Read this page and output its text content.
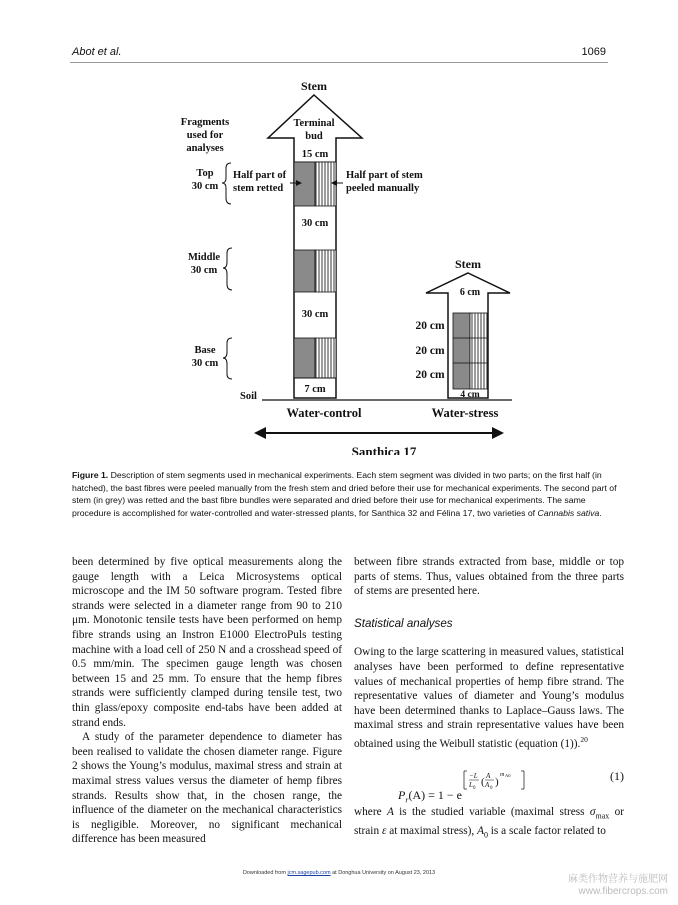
Abot et al.	1069
Stem
Terminal
bud
15 cm
30 cm
30 cm
7 cm
Fragments
used for
analyses
Top
30 cm
Middle
30 cm
Base
30 cm
Half part of
stem retted
Half part of stem
peeled manually
Soil
Stem
6 cm
20 cm
20 cm
20 cm
4 cm
Water-control	Water-stress
Santhica 17
Figure 1. Description of stem segments used in mechanical experiments. Each stem segment was divided in two parts; on the first half (in hatched), the bast fibres were peeled manually from the fresh stem and dried before their use for mechanical experiments. The second part of stem (in grey) was retted and the bast fibre bundles were separated and dried before their use for mechanical experiments. The same procedure is accomplished for water-controlled and water-stressed plants, for Santhica 32 and Félina 17, two varieties of Cannabis sativa.

been determined by five optical measurements along the gauge length with a Leica Microsystems optical microscope and the IM 50 software program. Tested fibre strands were selected in a diameter range from 90 to 210 μm. Monotonic tensile tests have been performed on hemp fibre strands using an Instron E1000 ElectroPuls testing machine with a load cell of 250 N and a crosshead speed of 0.5 mm/min. The specimen gauge length was chosen between 15 and 25 mm. To ensure that the hemp fibres strands were sufficiently clamped during tensile test, two thin glass/epoxy composite end-tabs have been added at strand ends.

A study of the parameter dependence to diameter has been realised to validate the chosen diameter range. Figure 2 shows the Young’s modulus, maximal stress and strain at maximal stress values versus the diameter of hemp fibres strands. Results show that, in the chosen range, the influence of the diameter on the mechanical characteristics is negligible. Moreover, no significant mechanical difference has been measured

between fibre strands extracted from base, middle or top parts of stems. Thus, values obtained from the three parts of stems are presented here.

Statistical analyses

Owing to the large scattering in measured values, statistical analyses have been performed to define representative values of mechanical properties of hemp fibre strand. The representative values of diameter and Young’s modulus have been determined thanks to Laplace–Gauss laws. The maximal stress and strain representative values have been obtained using the Weibull statistic (equation (1)).$^{20}$

$P_r(A) = 1 - e$
−L
L 0
( A
A 0
)
m A0	(1)

where A is the studied variable (maximal stress $\sigma_{max}$ or strain ε at maximal stress), $A_0$ is a scale factor related to

Downloaded from jcm.sagepub.com at Donghua University on August 23, 2013
麻类作物营养与施肥网
www.fibercrops.com
